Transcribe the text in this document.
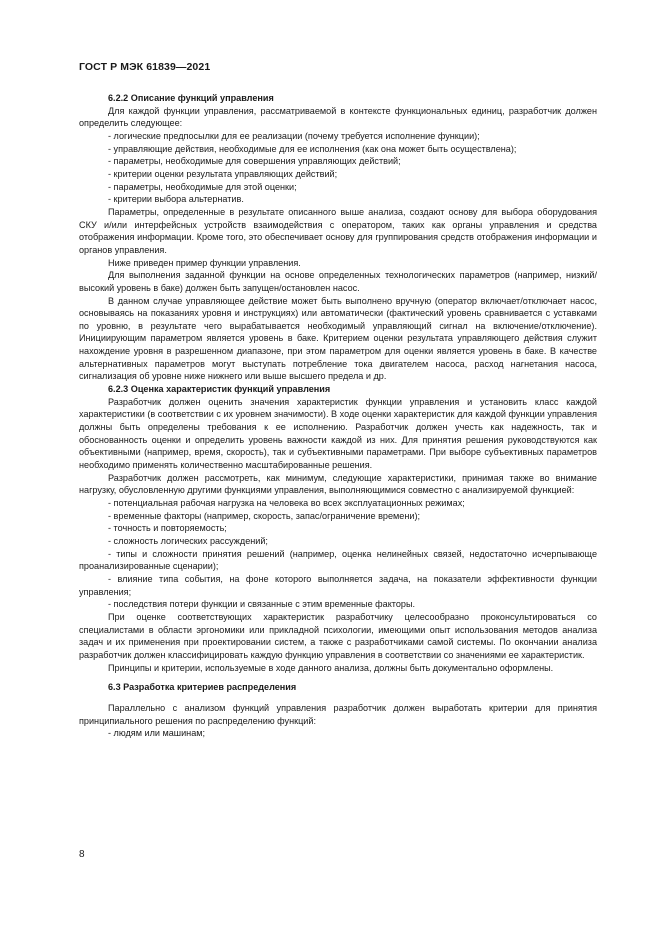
ГОСТ Р МЭК 61839—2021

6.2.2 Описание функций управления

Для каждой функции управления, рассматриваемой в контексте функциональных единиц, разработчик должен определить следующее:

- логические предпосылки для ее реализации (почему требуется исполнение функции);

- управляющие действия, необходимые для ее исполнения (как она может быть осуществлена);

- параметры, необходимые для совершения управляющих действий;

- критерии оценки результата управляющих действий;

- параметры, необходимые для этой оценки;

- критерии выбора альтернатив.

Параметры, определенные в результате описанного выше анализа, создают основу для выбора оборудования СКУ и/или интерфейсных устройств взаимодействия с оператором, таких как органы управления и средства отображения информации. Кроме того, это обеспечивает основу для группирования средств отображения информации и органов управления.

Ниже приведен пример функции управления.

Для выполнения заданной функции на основе определенных технологических параметров (например, низкий/высокий уровень в баке) должен быть запущен/остановлен насос.

В данном случае управляющее действие может быть выполнено вручную (оператор включает/отключает насос, основываясь на показаниях уровня и инструкциях) или автоматически (фактический уровень сравнивается с уставками по уровню, в результате чего вырабатывается необходимый управляющий сигнал на включение/отключение). Инициирующим параметром является уровень в баке. Критерием оценки результата управляющего действия служит нахождение уровня в разрешенном диапазоне, при этом параметром для оценки является уровень в баке. В качестве альтернативных параметров могут выступать потребление тока двигателем насоса, расход нагнетания насоса, сигнализация об уровне ниже нижнего или выше высшего предела и др.

6.2.3 Оценка характеристик функций управления

Разработчик должен оценить значения характеристик функции управления и установить класс каждой характеристики (в соответствии с их уровнем значимости). В ходе оценки характеристик для каждой функции управления должны быть определены требования к ее исполнению. Разработчик должен учесть как надежность, так и обоснованность оценки и определить уровень важности каждой из них. Для принятия решения руководствуются как объективными (например, время, скорость), так и субъективными параметрами. При выборе субъективных параметров необходимо применять количественно масштабированные решения.

Разработчик должен рассмотреть, как минимум, следующие характеристики, принимая также во внимание нагрузку, обусловленную другими функциями управления, выполняющимися совместно с анализируемой функцией:

- потенциальная рабочая нагрузка на человека во всех эксплуатационных режимах;

- временные факторы (например, скорость, запас/ограничение времени);

- точность и повторяемость;

- сложность логических рассуждений;

- типы и сложности принятия решений (например, оценка нелинейных связей, недостаточно исчерпывающе проанализированные сценарии);

- влияние типа события, на фоне которого выполняется задача, на показатели эффективности функции управления;

- последствия потери функции и связанные с этим временные факторы.

При оценке соответствующих характеристик разработчику целесообразно проконсультироваться со специалистами в области эргономики или прикладной психологии, имеющими опыт использования методов анализа задач и их применения при проектировании систем, а также с разработчиками самой системы. По окончании анализа разработчик должен классифицировать каждую функцию управления в соответствии со значениями ее характеристик.

Принципы и критерии, используемые в ходе данного анализа, должны быть документально оформлены.

6.3 Разработка критериев распределения

Параллельно с анализом функций управления разработчик должен выработать критерии для принятия принципиального решения по распределению функций:

- людям или машинам;

8
